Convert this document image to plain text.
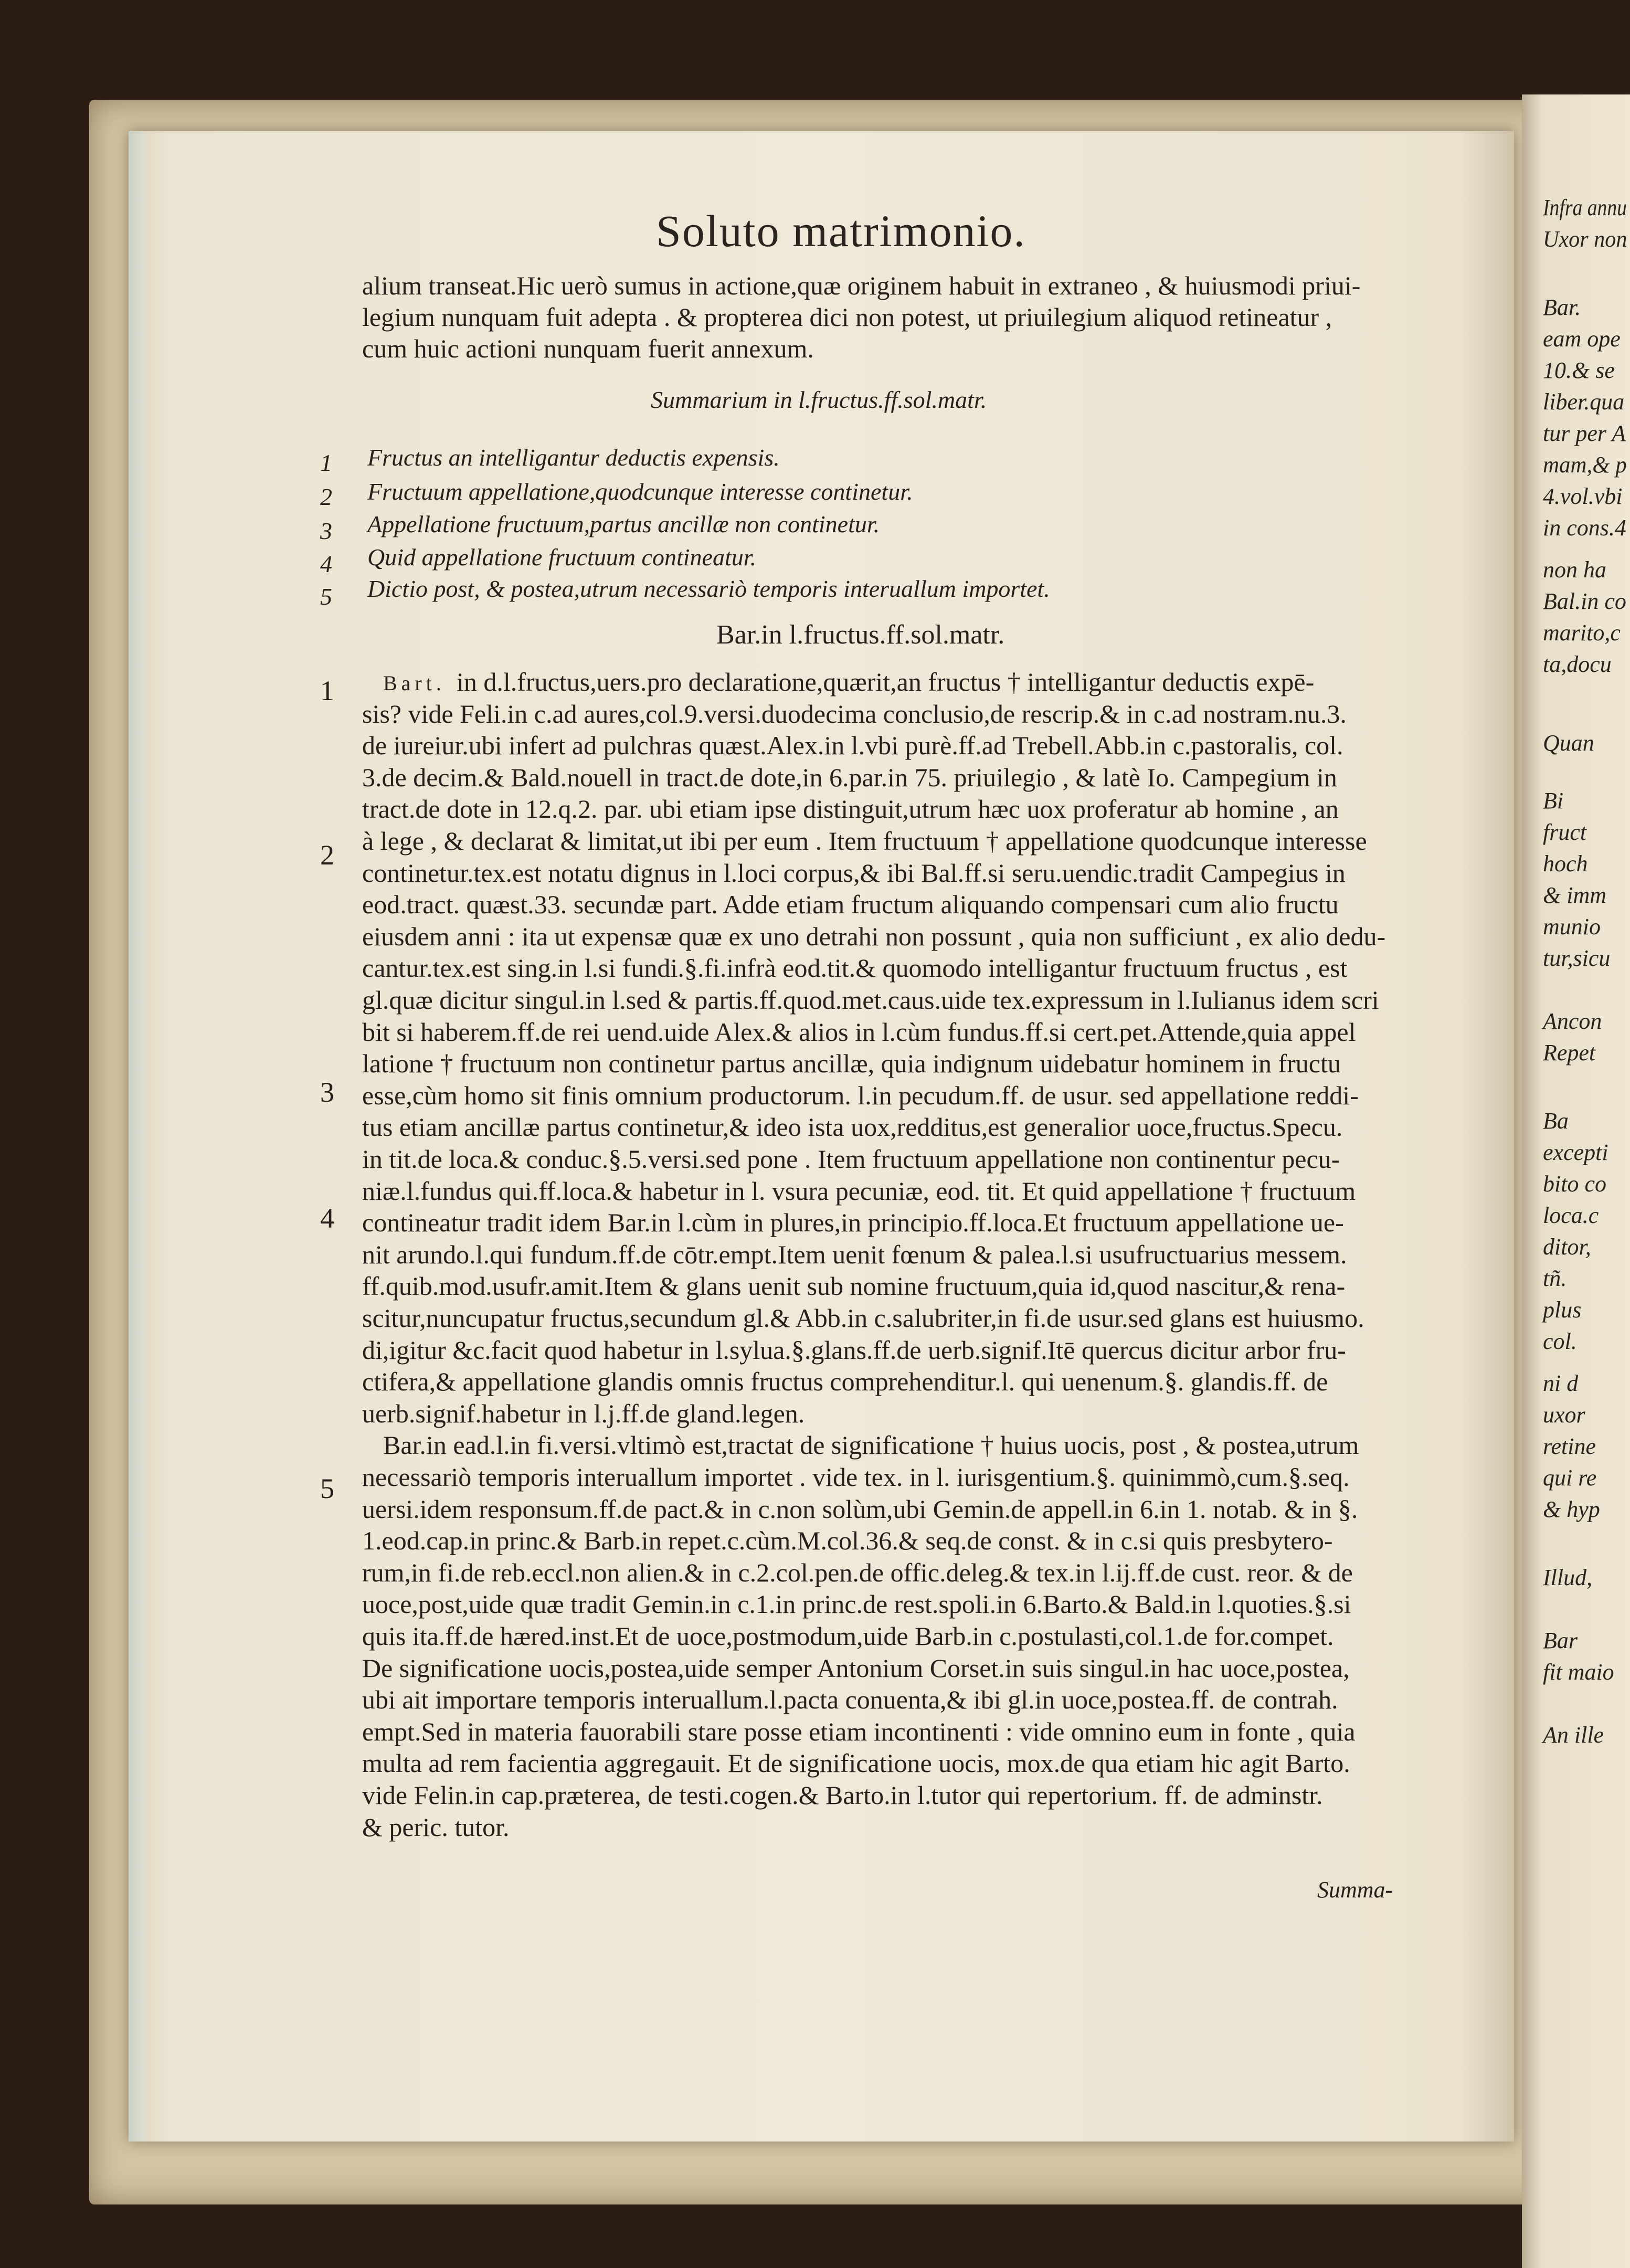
Infra annu
Uxor non
Bar.
eam ope
10.& se
liber.qua
tur per A
mam,& p
4.vol.vbi
in cons.4
non ha
Bal.in co
marito,c
ta,docu
Quan
Bi
fruct
hoch
& imm
munio
tur,sicu
Ancon
Repet
Ba
excepti
bito co
loca.c
ditor,
tñ.
plus
col.
ni d
uxor
retine
qui re
& hyp
Illud,
Bar
fit maio
An ille
Soluto matrimonio.
alium transeat.Hic uerò sumus in actione,quæ originem habuit in extraneo , & huiusmodi priui-
legium nunquam fuit adepta . & propterea dici non potest, ut priuilegium aliquod retineatur ,
cum huic actioni nunquam fuerit annexum.
Summarium in l.fructus.ff.sol.matr.
1 Fructus an intelligantur deductis expensis.
2 Fructuum appellatione,quodcunque interesse continetur.
3 Appellatione fructuum,partus ancillæ non continetur.
4 Quid appellatione fructuum contineatur.
5 Dictio post, & postea,utrum necessariò temporis interuallum importet.
Bar.in l.fructus.ff.sol.matr.
1
2
3
4
5
Bart. in d.l.fructus,uers.pro declaratione,quærit,an fructus † intelligantur deductis expē-
sis? vide Feli.in c.ad aures,col.9.versi.duodecima conclusio,de rescrip.& in c.ad nostram.nu.3.
de iureiur.ubi infert ad pulchras quæst.Alex.in l.vbi purè.ff.ad Trebell.Abb.in c.pastoralis, col.
3.de decim.& Bald.nouell in tract.de dote,in 6.par.in 75. priuilegio , & latè Io. Campegium in
tract.de dote in 12.q.2. par. ubi etiam ipse distinguit,utrum hæc uox proferatur ab homine , an
à lege , & declarat & limitat,ut ibi per eum . Item fructuum † appellatione quodcunque interesse
continetur.tex.est notatu dignus in l.loci corpus,& ibi Bal.ff.si seru.uendic.tradit Campegius in
eod.tract. quæst.33. secundæ part. Adde etiam fructum aliquando compensari cum alio fructu
eiusdem anni : ita ut expensæ quæ ex uno detrahi non possunt , quia non sufficiunt , ex alio dedu-
cantur.tex.est sing.in l.si fundi.§.fi.infrà eod.tit.& quomodo intelligantur fructuum fructus , est
gl.quæ dicitur singul.in l.sed & partis.ff.quod.met.caus.uide tex.expressum in l.Iulianus idem scri
bit si haberem.ff.de rei uend.uide Alex.& alios in l.cùm fundus.ff.si cert.pet.Attende,quia appel
latione † fructuum non continetur partus ancillæ, quia indignum uidebatur hominem in fructu
esse,cùm homo sit finis omnium productorum. l.in pecudum.ff. de usur. sed appellatione reddi-
tus etiam ancillæ partus continetur,& ideo ista uox,redditus,est generalior uoce,fructus.Specu.
in tit.de loca.& conduc.§.5.versi.sed pone . Item fructuum appellatione non continentur pecu-
niæ.l.fundus qui.ff.loca.& habetur in l. vsura pecuniæ, eod. tit. Et quid appellatione † fructuum
contineatur tradit idem Bar.in l.cùm in plures,in principio.ff.loca.Et fructuum appellatione ue-
nit arundo.l.qui fundum.ff.de cōtr.empt.Item uenit fœnum & palea.l.si usufructuarius messem.
ff.quib.mod.usufr.amit.Item & glans uenit sub nomine fructuum,quia id,quod nascitur,& rena-
scitur,nuncupatur fructus,secundum gl.& Abb.in c.salubriter,in fi.de usur.sed glans est huiusmo.
di,igitur &c.facit quod habetur in l.sylua.§.glans.ff.de uerb.signif.Itē quercus dicitur arbor fru-
ctifera,& appellatione glandis omnis fructus comprehenditur.l. qui uenenum.§. glandis.ff. de
uerb.signif.habetur in l.j.ff.de gland.legen.
Bar.in ead.l.in fi.versi.vltimò est,tractat de significatione † huius uocis, post , & postea,utrum
necessariò temporis interuallum importet . vide tex. in l. iurisgentium.§. quinimmò,cum.§.seq.
uersi.idem responsum.ff.de pact.& in c.non solùm,ubi Gemin.de appell.in 6.in 1. notab. & in §.
1.eod.cap.in princ.& Barb.in repet.c.cùm.M.col.36.& seq.de const. & in c.si quis presbytero-
rum,in fi.de reb.eccl.non alien.& in c.2.col.pen.de offic.deleg.& tex.in l.ij.ff.de cust. reor. & de
uoce,post,uide quæ tradit Gemin.in c.1.in princ.de rest.spoli.in 6.Barto.& Bald.in l.quoties.§.si
quis ita.ff.de hæred.inst.Et de uoce,postmodum,uide Barb.in c.postulasti,col.1.de for.compet.
De significatione uocis,postea,uide semper Antonium Corset.in suis singul.in hac uoce,postea,
ubi ait importare temporis interuallum.l.pacta conuenta,& ibi gl.in uoce,postea.ff. de contrah.
empt.Sed in materia fauorabili stare posse etiam incontinenti : vide omnino eum in fonte , quia
multa ad rem facientia aggregauit. Et de significatione uocis, mox.de qua etiam hic agit Barto.
vide Felin.in cap.præterea, de testi.cogen.& Barto.in l.tutor qui repertorium. ff. de adminstr.
& peric. tutor.
Summa-
